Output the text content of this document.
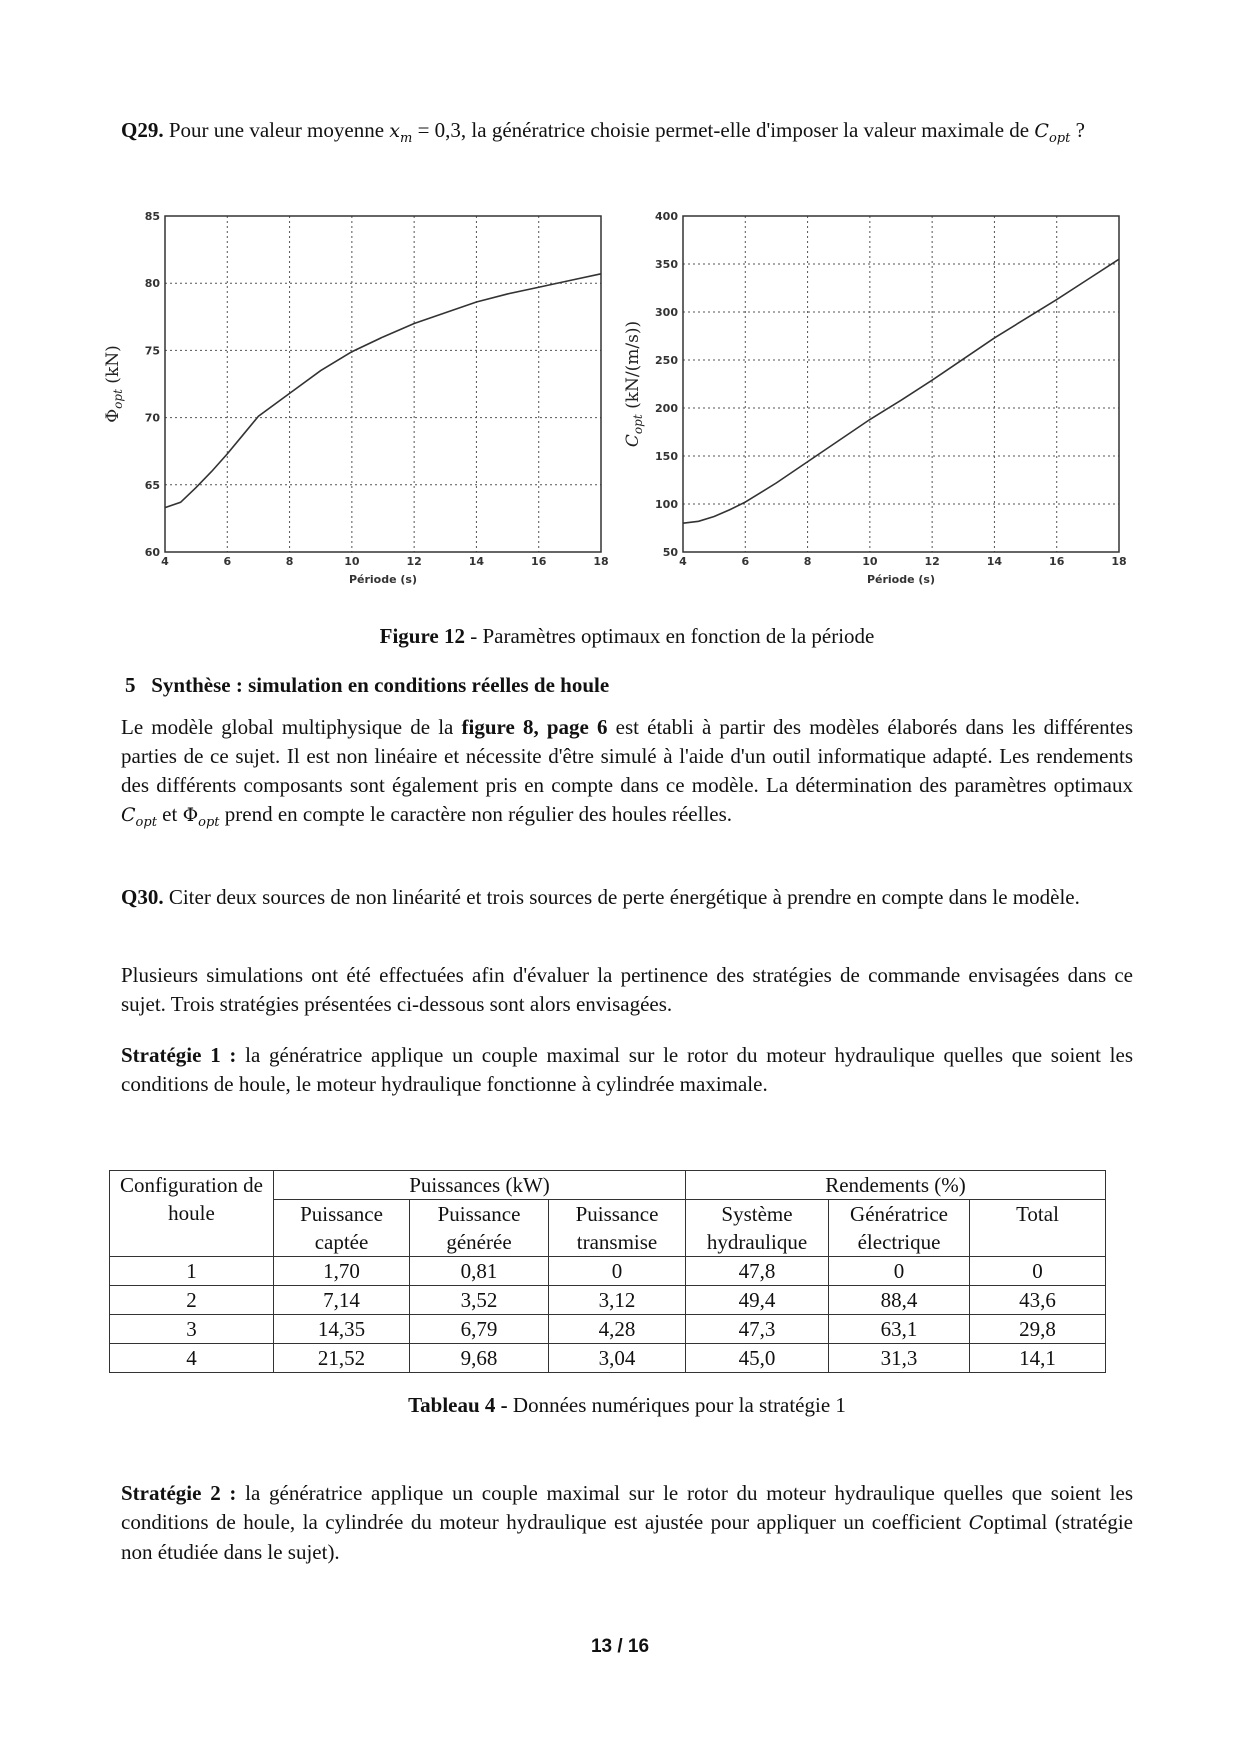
Q29. Pour une valeur moyenne $x_m = 0,3$, la génératrice choisie permet-elle d'imposer la valeur maximale de $C_{opt}$ ?
4	6	8	10	12	14	16	18
60
65
70
75
80
85
Période (s)
$\Phi_{opt}$ (kN)
4	6	8	10	12	14	16	18
50
100
150
200
250
300
350
400
Période (s)
$C_{opt}$ (kN/(m/s))
Figure 12 - Paramètres optimaux en fonction de la période
5 Synthèse : simulation en conditions réelles de houle
Le modèle global multiphysique de la figure 8, page 6 est établi à partir des modèles élaborés dans les différentes parties de ce sujet. Il est non linéaire et nécessite d'être simulé à l'aide d'un outil informatique adapté. Les rendements des différents composants sont également pris en compte dans ce modèle. La détermination des paramètres optimaux $C_{opt}$ et $\Phi_{opt}$ prend en compte le caractère non régulier des houles réelles.
Q30. Citer deux sources de non linéarité et trois sources de perte énergétique à prendre en compte dans le modèle.
Plusieurs simulations ont été effectuées afin d'évaluer la pertinence des stratégies de commande envisagées dans ce sujet. Trois stratégies présentées ci-dessous sont alors envisagées.
Stratégie 1 : la génératrice applique un couple maximal sur le rotor du moteur hydraulique quelles que soient les conditions de houle, le moteur hydraulique fonctionne à cylindrée maximale.
Configuration de houle	Puissances (kW)			Rendements (%)		
	Puissance captée	Puissance générée	Puissance transmise	Système hydraulique	Génératrice électrique	Total
1	1,70	0,81	0	47,8	0	0
2	7,14	3,52	3,12	49,4	88,4	43,6
3	14,35	6,79	4,28	47,3	63,1	29,8
4	21,52	9,68	3,04	45,0	31,3	14,1
Tableau 4 - Données numériques pour la stratégie 1
Stratégie 2 : la génératrice applique un couple maximal sur le rotor du moteur hydraulique quelles que soient les conditions de houle, la cylindrée du moteur hydraulique est ajustée pour appliquer un coefficient Coptimal (stratégie non étudiée dans le sujet).
13 / 16
